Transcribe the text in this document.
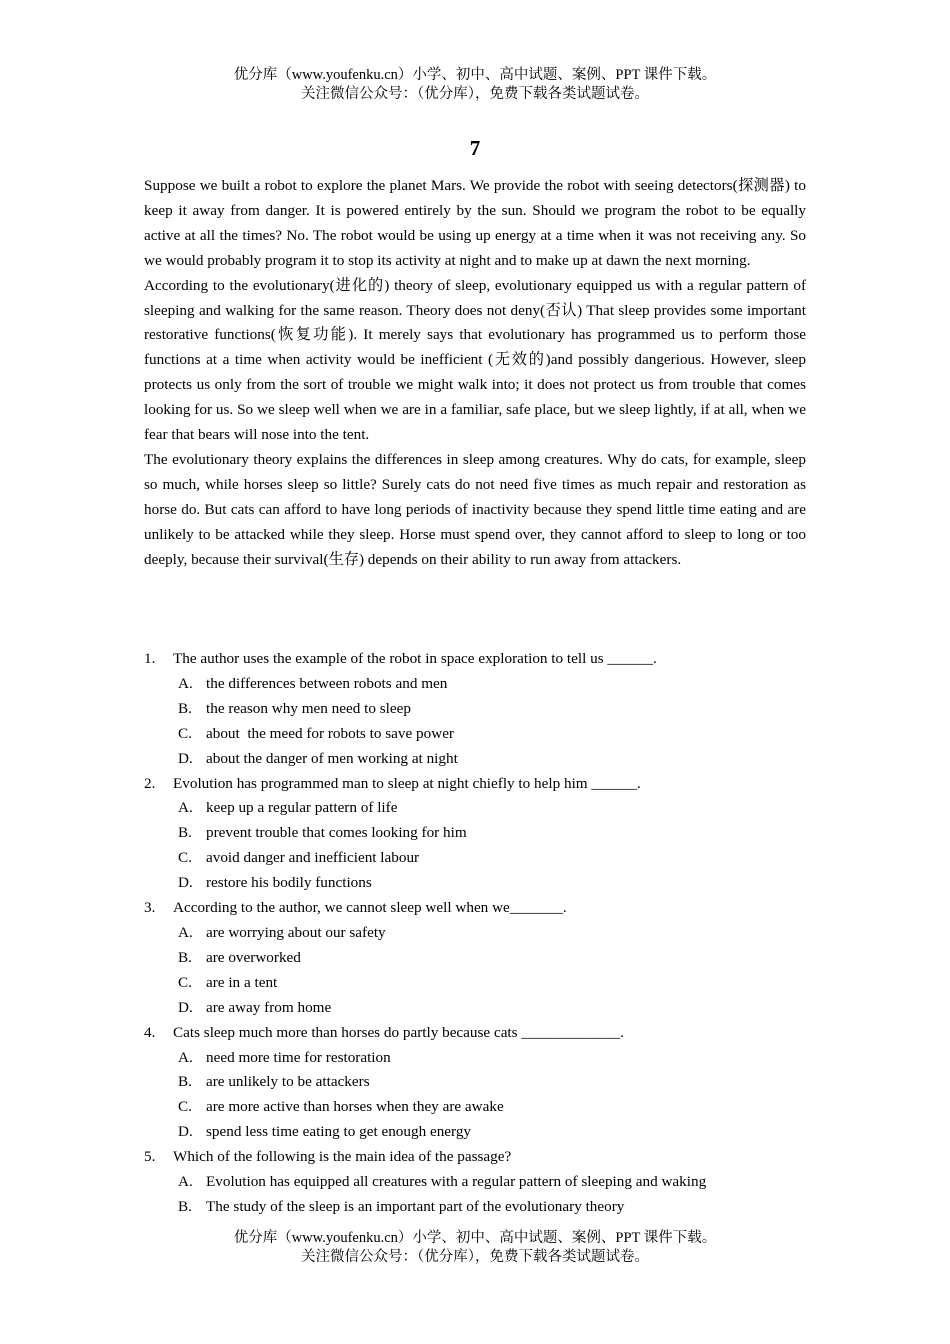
优分库（www.youfenku.cn）小学、初中、高中试题、案例、PPT 课件下载。
关注微信公众号：（优分库），免费下载各类试题试卷。
7

Suppose we built a robot to explore the planet Mars. We provide the robot with seeing detectors(探测器) to keep it away from danger. It is powered entirely by the sun. Should we program the robot to be equally active at all the times? No. The robot would be using up energy at a time when it was not receiving any. So we would probably program it to stop its activity at night and to make up at dawn the next morning.

According to the evolutionary(进化的) theory of sleep, evolutionary equipped us with a regular pattern of sleeping and walking for the same reason. Theory does not deny(否认) That sleep provides some important restorative functions(恢复功能). It merely says that evolutionary has programmed us to perform those functions at a time when activity would be inefficient (无效的)and possibly dangerious. However, sleep protects us only from the sort of trouble we might walk into; it does not protect us from trouble that comes looking for us. So we sleep well when we are in a familiar, safe place, but we sleep lightly, if at all, when we fear that bears will nose into the tent.

The evolutionary theory explains the differences in sleep among creatures. Why do cats, for example, sleep so much, while horses sleep so little? Surely cats do not need five times as much repair and restoration as horse do. But cats can afford to have long periods of inactivity because they spend little time eating and are unlikely to be attacked while they sleep. Horse must spend over, they cannot afford to sleep to long or too deeply, because their survival(生存) depends on their ability to run away from attackers.

1.	The author uses the example of the robot in space exploration to tell us ______.
A. the differences between robots and men
B. the reason why men need to sleep
C. about  the meed for robots to save power
D. about the danger of men working at night
2.	Evolution has programmed man to sleep at night chiefly to help him ______.
A. keep up a regular pattern of life
B. prevent trouble that comes looking for him
C. avoid danger and inefficient labour
D. restore his bodily functions
3.	According to the author, we cannot sleep well when we_______.
A. are worrying about our safety
B. are overworked
C. are in a tent
D. are away from home
4.	Cats sleep much more than horses do partly because cats _____________.
A. need more time for restoration
B. are unlikely to be attackers
C. are more active than horses when they are awake
D. spend less time eating to get enough energy
5.	Which of the following is the main idea of the passage?
A. Evolution has equipped all creatures with a regular pattern of sleeping and waking
B. The study of the sleep is an important part of the evolutionary theory
优分库（www.youfenku.cn）小学、初中、高中试题、案例、PPT 课件下载。
关注微信公众号：（优分库），免费下载各类试题试卷。
